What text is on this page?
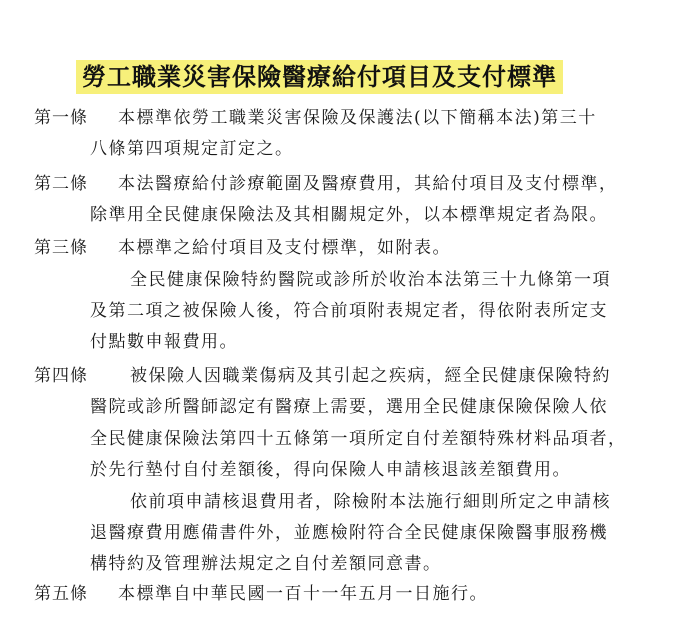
勞工職業災害保險醫療給付項目及支付標準
第一條 本標準依勞工職業災害保險及保護法(以下簡稱本法)第三十
八條第四項規定訂定之。
第二條 本法醫療給付診療範圍及醫療費用，其給付項目及支付標準，
除準用全民健康保險法及其相關規定外，以本標準規定者為限。
第三條 本標準之給付項目及支付標準，如附表。
全民健康保險特約醫院或診所於收治本法第三十九條第一項
及第二項之被保險人後，符合前項附表規定者，得依附表所定支
付點數申報費用。
第四條 被保險人因職業傷病及其引起之疾病，經全民健康保險特約
醫院或診所醫師認定有醫療上需要，選用全民健康保險保險人依
全民健康保險法第四十五條第一項所定自付差額特殊材料品項者，
於先行墊付自付差額後，得向保險人申請核退該差額費用。
依前項申請核退費用者，除檢附本法施行細則所定之申請核
退醫療費用應備書件外，並應檢附符合全民健康保險醫事服務機
構特約及管理辦法規定之自付差額同意書。
第五條 本標準自中華民國一百十一年五月一日施行。
